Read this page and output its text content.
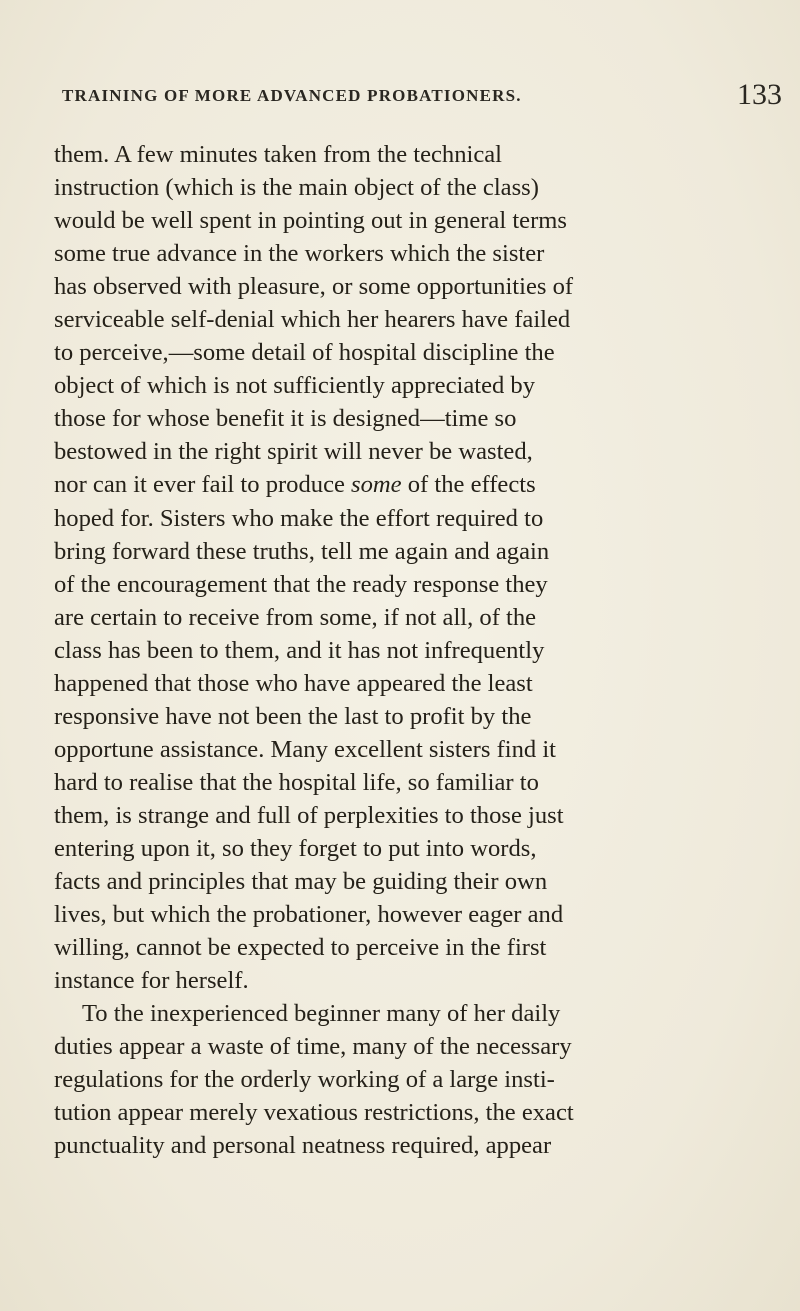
TRAINING OF MORE ADVANCED PROBATIONERS.	133
them. A few minutes taken from the technical
instruction (which is the main object of the class)
would be well spent in pointing out in general terms
some true advance in the workers which the sister
has observed with pleasure, or some opportunities of
serviceable self-denial which her hearers have failed
to perceive,—some detail of hospital discipline the
object of which is not sufficiently appreciated by
those for whose benefit it is designed—time so
bestowed in the right spirit will never be wasted,
nor can it ever fail to produce some of the effects
hoped for. Sisters who make the effort required to
bring forward these truths, tell me again and again
of the encouragement that the ready response they
are certain to receive from some, if not all, of the
class has been to them, and it has not infrequently
happened that those who have appeared the least
responsive have not been the last to profit by the
opportune assistance. Many excellent sisters find it
hard to realise that the hospital life, so familiar to
them, is strange and full of perplexities to those just
entering upon it, so they forget to put into words,
facts and principles that may be guiding their own
lives, but which the probationer, however eager and
willing, cannot be expected to perceive in the first
instance for herself.
To the inexperienced beginner many of her daily
duties appear a waste of time, many of the necessary
regulations for the orderly working of a large insti-
tution appear merely vexatious restrictions, the exact
punctuality and personal neatness required, appear
